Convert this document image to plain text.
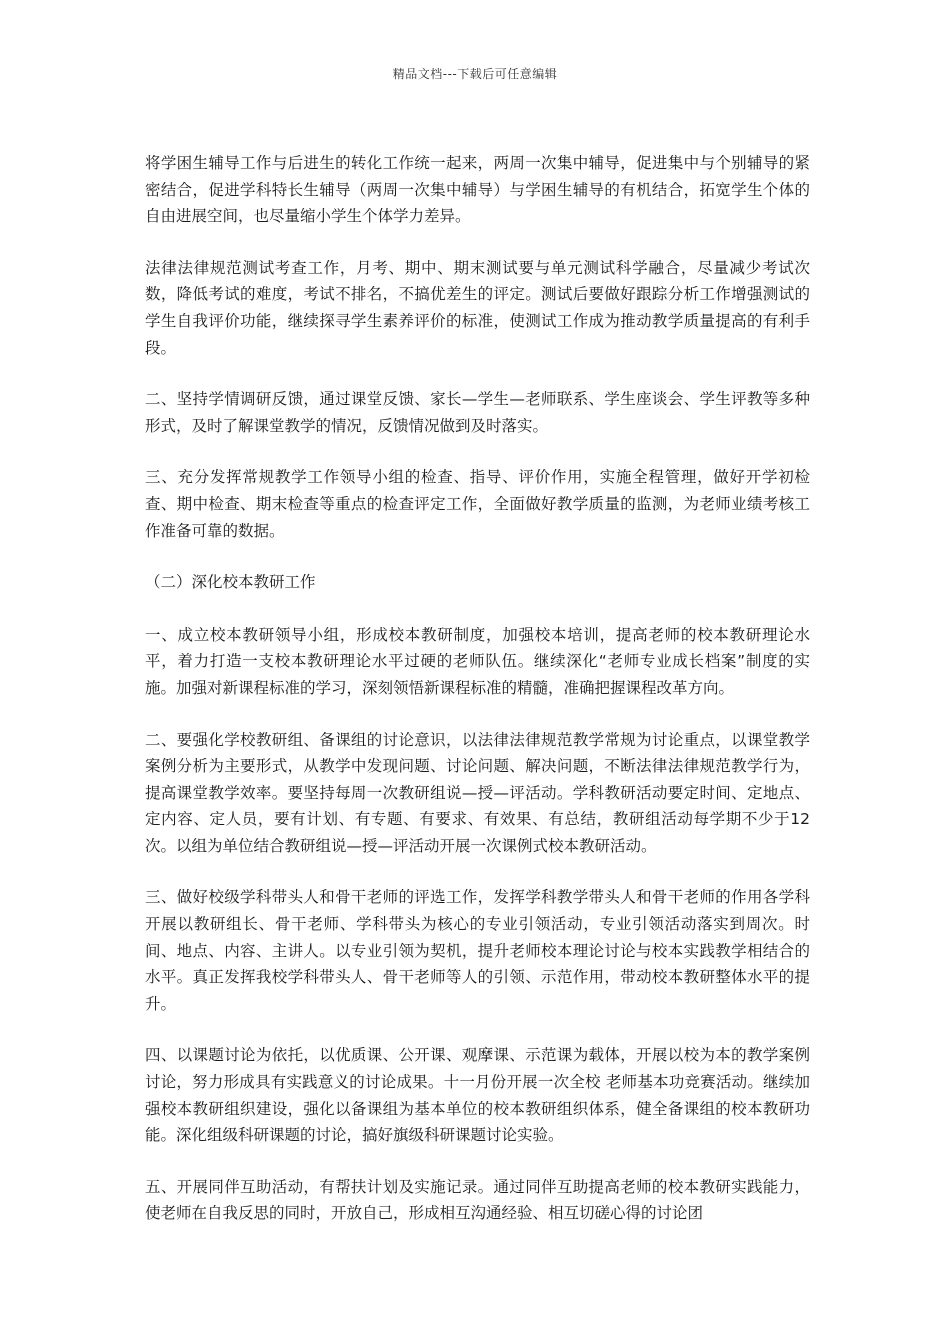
精品文档---下载后可任意编辑

将学困生辅导工作与后进生的转化工作统一起来，两周一次集中辅导，促进集中与个别辅导的紧密结合，促进学科特长生辅导（两周一次集中辅导）与学困生辅导的有机结合，拓宽学生个体的自由进展空间，也尽量缩小学生个体学力差异。

法律法律规范测试考查工作，月考、期中、期末测试要与单元测试科学融合，尽量减少考试次数，降低考试的难度，考试不排名，不搞优差生的评定。测试后要做好跟踪分析工作增强测试的学生自我评价功能，继续探寻学生素养评价的标准，使测试工作成为推动教学质量提高的有利手段。

二、坚持学情调研反馈，通过课堂反馈、家长—学生—老师联系、学生座谈会、学生评教等多种形式，及时了解课堂教学的情况，反馈情况做到及时落实。

三、充分发挥常规教学工作领导小组的检查、指导、评价作用，实施全程管理，做好开学初检查、期中检查、期末检查等重点的检查评定工作，全面做好教学质量的监测，为老师业绩考核工作准备可靠的数据。

（二）深化校本教研工作

一、成立校本教研领导小组，形成校本教研制度，加强校本培训，提高老师的校本教研理论水平，着力打造一支校本教研理论水平过硬的老师队伍。继续深化“老师专业成长档案”制度的实施。加强对新课程标准的学习，深刻领悟新课程标准的精髓，准确把握课程改革方向。

二、要强化学校教研组、备课组的讨论意识，以法律法律规范教学常规为讨论重点，以课堂教学案例分析为主要形式，从教学中发现问题、讨论问题、解决问题，不断法律法律规范教学行为，提高课堂教学效率。要坚持每周一次教研组说—授—评活动。学科教研活动要定时间、定地点、定内容、定人员，要有计划、有专题、有要求、有效果、有总结，教研组活动每学期不少于12次。以组为单位结合教研组说—授—评活动开展一次课例式校本教研活动。

三、做好校级学科带头人和骨干老师的评选工作，发挥学科教学带头人和骨干老师的作用各学科开展以教研组长、骨干老师、学科带头为核心的专业引领活动，专业引领活动落实到周次。时间、地点、内容、主讲人。以专业引领为契机，提升老师校本理论讨论与校本实践教学相结合的水平。真正发挥我校学科带头人、骨干老师等人的引领、示范作用，带动校本教研整体水平的提升。

四、以课题讨论为依托，以优质课、公开课、观摩课、示范课为载体，开展以校为本的教学案例讨论，努力形成具有实践意义的讨论成果。十一月份开展一次全校 老师基本功竞赛活动。继续加强校本教研组织建设，强化以备课组为基本单位的校本教研组织体系，健全备课组的校本教研功能。深化组级科研课题的讨论，搞好旗级科研课题讨论实验。

五、开展同伴互助活动，有帮扶计划及实施记录。通过同伴互助提高老师的校本教研实践能力，使老师在自我反思的同时，开放自己，形成相互沟通经验、相互切磋心得的讨论团
